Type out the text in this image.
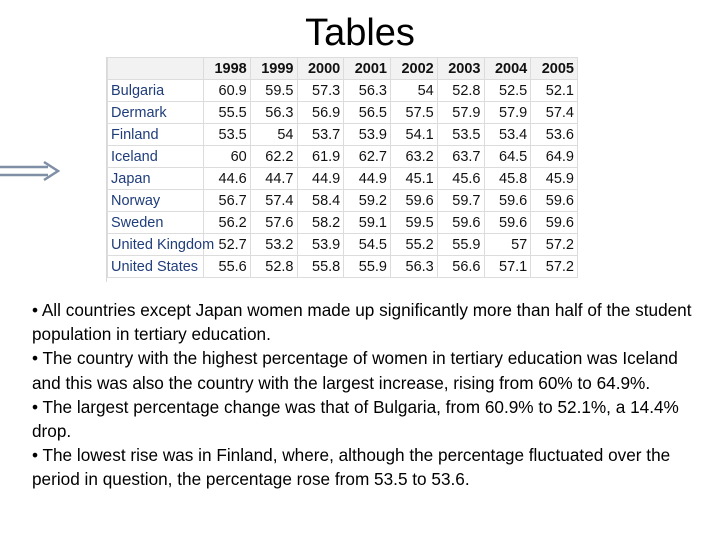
Tables
	1998	1999	2000	2001	2002	2003	2004	2005
Bulgaria	60.9	59.5	57.3	56.3	54	52.8	52.5	52.1
Dermark	55.5	56.3	56.9	56.5	57.5	57.9	57.9	57.4
Finland	53.5	54	53.7	53.9	54.1	53.5	53.4	53.6
Iceland	60	62.2	61.9	62.7	63.2	63.7	64.5	64.9
Japan	44.6	44.7	44.9	44.9	45.1	45.6	45.8	45.9
Norway	56.7	57.4	58.4	59.2	59.6	59.7	59.6	59.6
Sweden	56.2	57.6	58.2	59.1	59.5	59.6	59.6	59.6
United Kingdom	52.7	53.2	53.9	54.5	55.2	55.9	57	57.2
United States	55.6	52.8	55.8	55.9	56.3	56.6	57.1	57.2

• All countries except Japan women made up significantly more than half of the student population in tertiary education.

• The country with the highest percentage of women in tertiary education was Iceland and this was also the country with the largest increase, rising from 60% to 64.9%.

• The largest percentage change was that of Bulgaria, from 60.9% to 52.1%, a 14.4% drop.

• The lowest rise was in Finland, where, although the percentage fluctuated over the period in question, the percentage rose from 53.5 to 53.6.
